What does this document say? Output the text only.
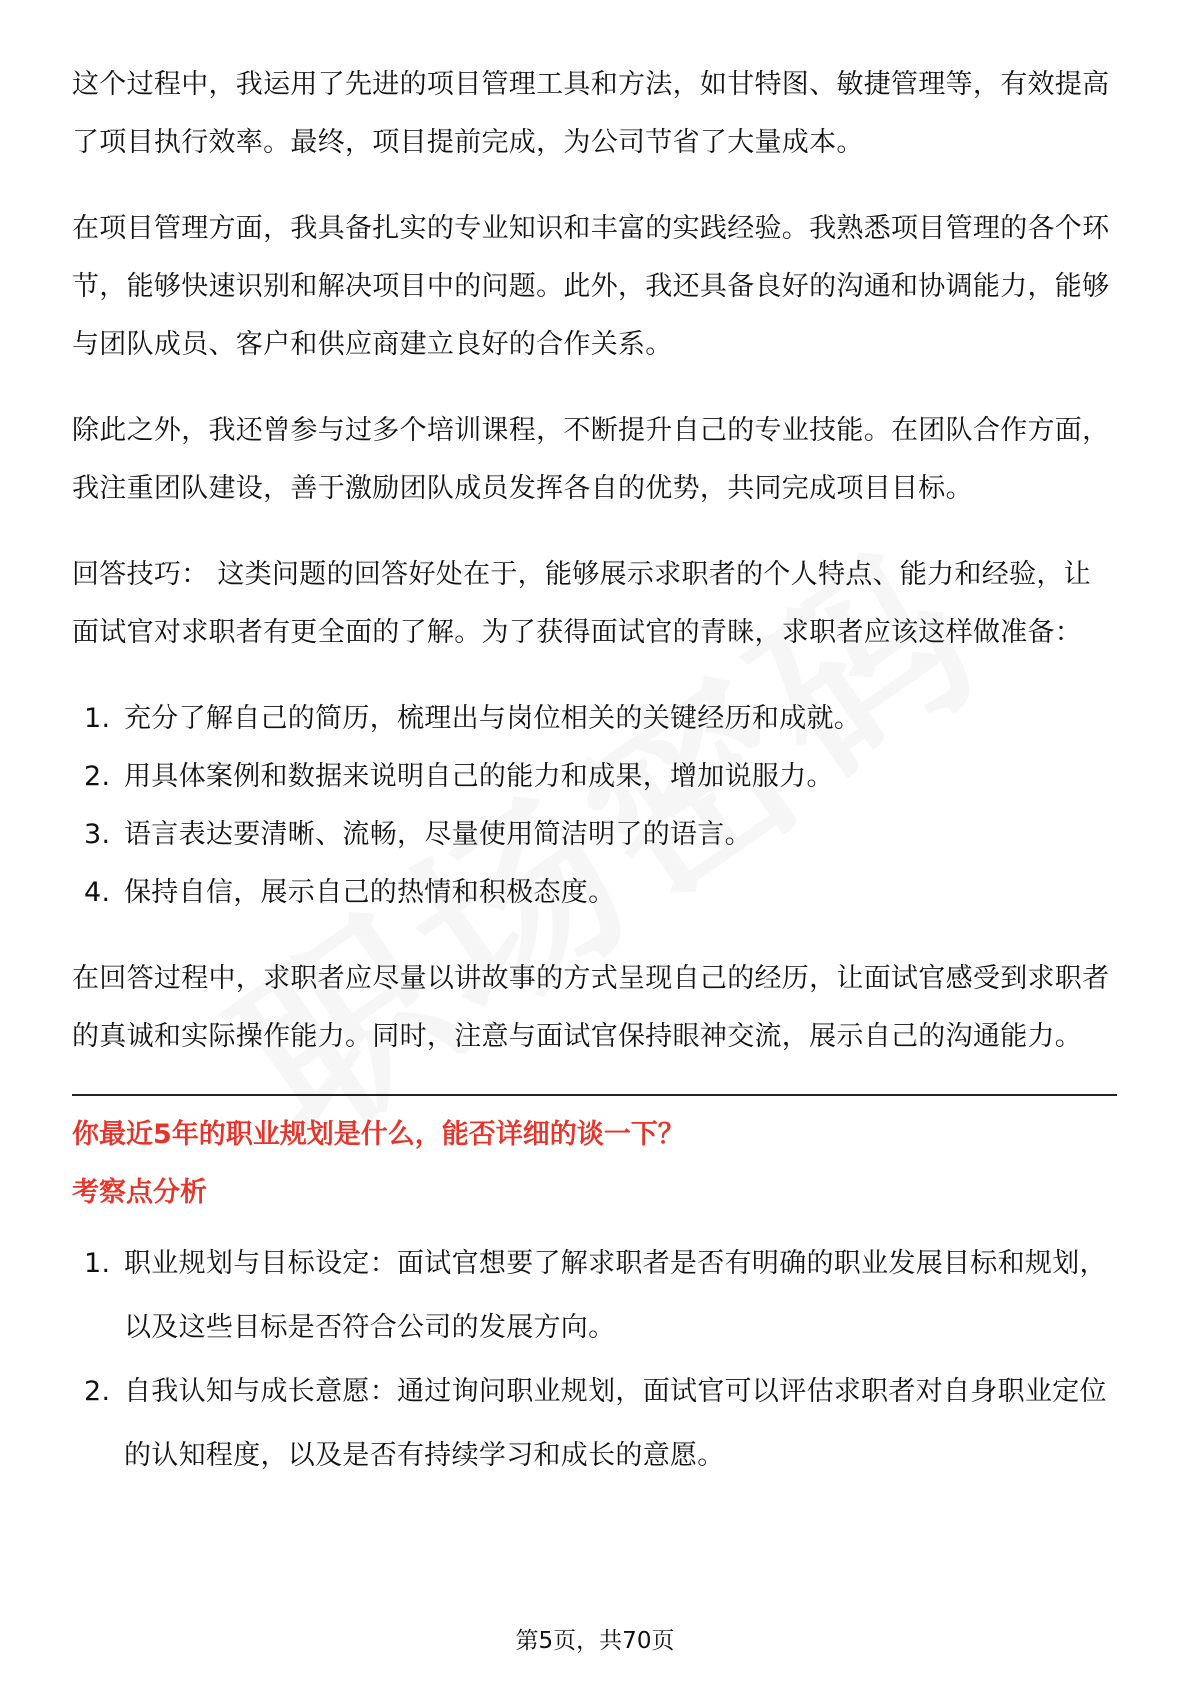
这个过程中，我运用了先进的项目管理工具和方法，如甘特图、敏捷管理等，有效提高了项目执行效率。最终，项目提前完成，为公司节省了大量成本。

在项目管理方面，我具备扎实的专业知识和丰富的实践经验。我熟悉项目管理的各个环节，能够快速识别和解决项目中的问题。此外，我还具备良好的沟通和协调能力，能够与团队成员、客户和供应商建立良好的合作关系。

除此之外，我还曾参与过多个培训课程，不断提升自己的专业技能。在团队合作方面，我注重团队建设，善于激励团队成员发挥各自的优势，共同完成项目目标。

回答技巧： 这类问题的回答好处在于，能够展示求职者的个人特点、能力和经验，让面试官对求职者有更全面的了解。为了获得面试官的青睐，求职者应该这样做准备：

1. 充分了解自己的简历，梳理出与岗位相关的关键经历和成就。
2. 用具体案例和数据来说明自己的能力和成果，增加说服力。
3. 语言表达要清晰、流畅，尽量使用简洁明了的语言。
4. 保持自信，展示自己的热情和积极态度。

在回答过程中，求职者应尽量以讲故事的方式呈现自己的经历，让面试官感受到求职者的真诚和实际操作能力。同时，注意与面试官保持眼神交流，展示自己的沟通能力。

你最近5年的职业规划是什么，能否详细的谈一下？
考察点分析
1. 职业规划与目标设定：面试官想要了解求职者是否有明确的职业发展目标和规划，以及这些目标是否符合公司的发展方向。
2. 自我认知与成长意愿：通过询问职业规划，面试官可以评估求职者对自身职业定位的认知程度，以及是否有持续学习和成长的意愿。
第5页，共70页
